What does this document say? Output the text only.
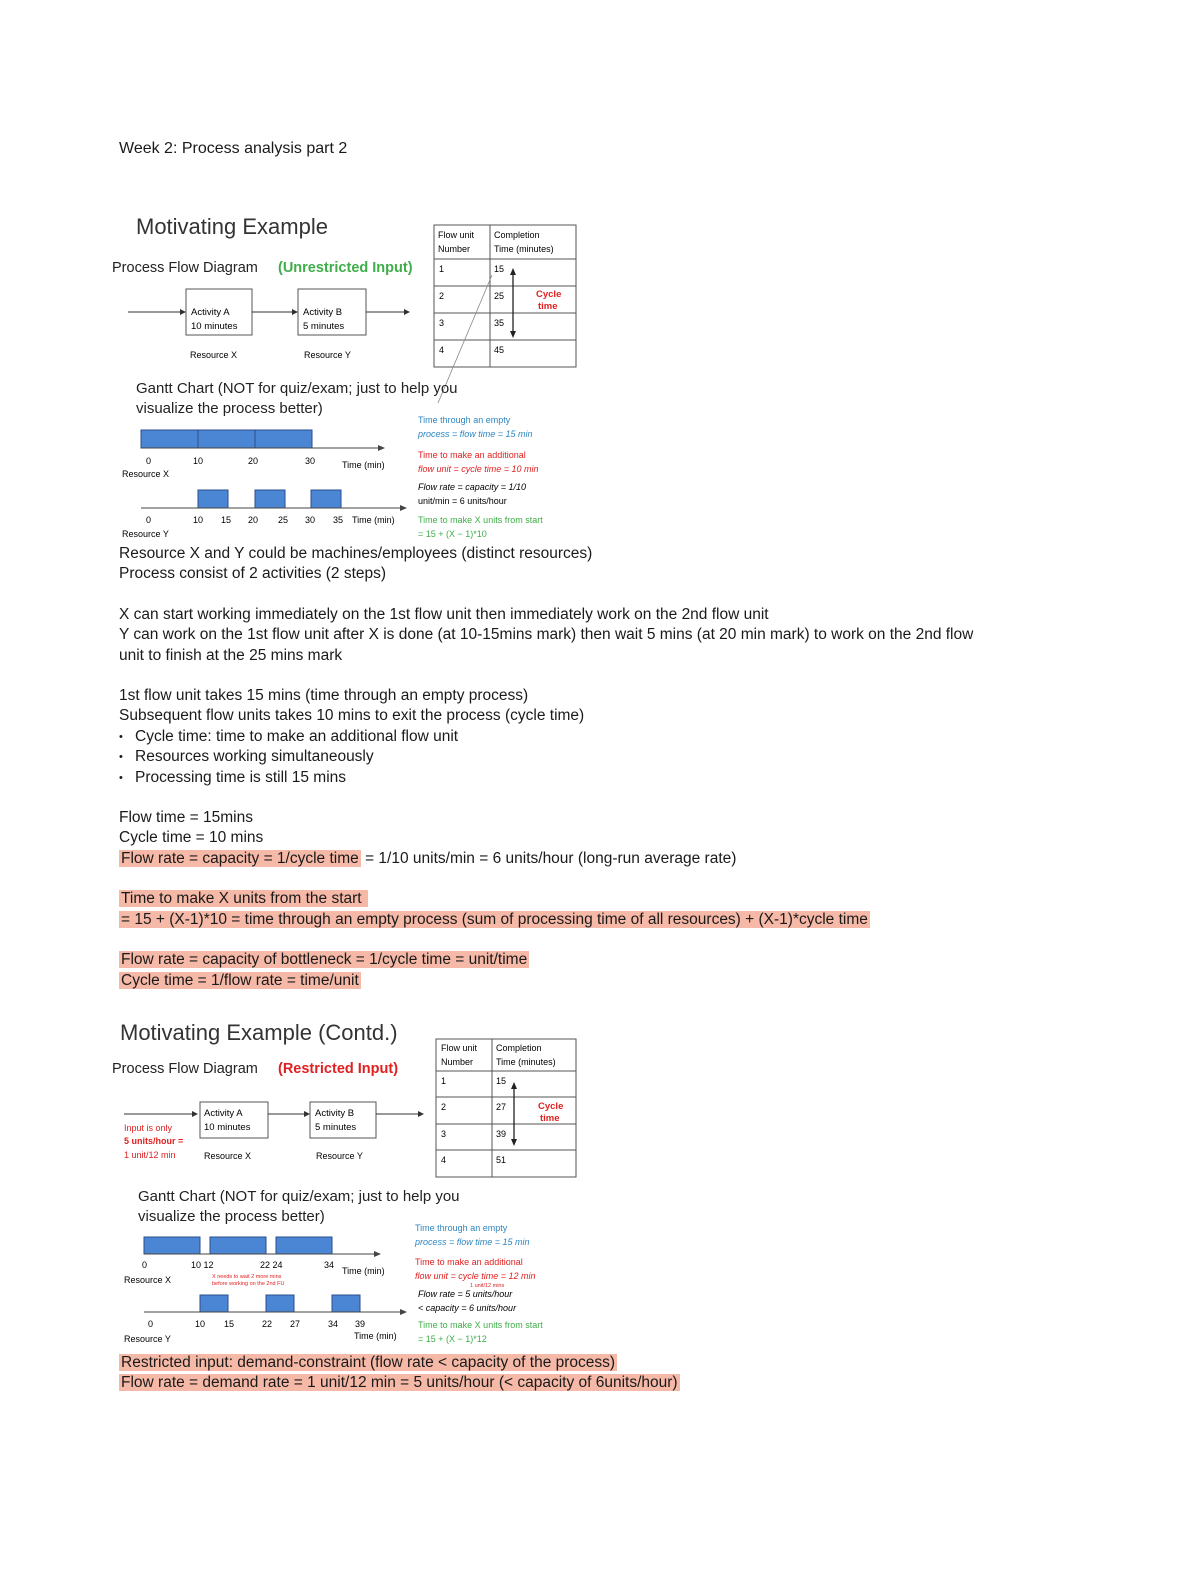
Week 2: Process analysis part 2
Motivating Example
Process Flow Diagram (Unrestricted Input)
Activity A
10 minutes
Activity B
5 minutes
Resource X	Resource Y
Flow unit
Number
Completion
Time (minutes)
1	15
2	25
3	35
4	45
Cycle
time
Gantt Chart (NOT for quiz/exam; just to help you
visualize the process better)
0	10	20	30	Time (min)
Resource X
0	10 15 20 25 30 35 Time (min)
Resource Y
Time through an empty
process = flow time = 15 min
Time to make an additional
flow unit = cycle time = 10 min
Flow rate = capacity = 1/10
unit/min = 6 units/hour
Time to make X units from start
= 15 + (X − 1)*10

Resource X and Y could be machines/employees (distinct resources)

Process consist of 2 activities (2 steps)

X can start working immediately on the 1st flow unit then immediately work on the 2nd flow unit

Y can work on the 1st flow unit after X is done (at 10-15mins mark) then wait 5 mins (at 20 min mark) to work on the 2nd flow

unit to finish at the 25 mins mark

1st flow unit takes 15 mins (time through an empty process)

Subsequent flow units takes 10 mins to exit the process (cycle time)

• Cycle time: time to make an additional flow unit

• Resources working simultaneously

• Processing time is still 15 mins

Flow time = 15mins

Cycle time = 10 mins

Flow rate = capacity = 1/cycle time = 1/10 units/min = 6 units/hour (long-run average rate)

Time to make X units from the start

= 15 + (X-1)*10 = time through an empty process (sum of processing time of all resources) + (X-1)*cycle time

Flow rate = capacity of bottleneck = 1/cycle time = unit/time

Cycle time = 1/flow rate = time/unit

Motivating Example (Contd.)
Process Flow Diagram (Restricted Input)
Input is only
5 units/hour =
1 unit/12 min
Activity A
10 minutes
Activity B
5 minutes
Resource X	Resource Y
Flow unit
Number
Completion
Time (minutes)
1	15
2	27
3	39
4	51
Cycle
time
Gantt Chart (NOT for quiz/exam; just to help you
visualize the process better)
0	10 12	22 24	34
Time (min)
X needs to wait 2 more mins
before working on the 2nd FU
Resource X
0	10 15	22 27	34 39
Time (min)
Resource Y
Time through an empty
process = flow time = 15 min
Time to make an additional
flow unit = cycle time = 12 min
1 unit/12 mins
Flow rate = 5 units/hour
< capacity = 6 units/hour
Time to make X units from start
= 15 + (X − 1)*12

Restricted input: demand-constraint (flow rate < capacity of the process)

Flow rate = demand rate = 1 unit/12 min = 5 units/hour (< capacity of 6units/hour)
